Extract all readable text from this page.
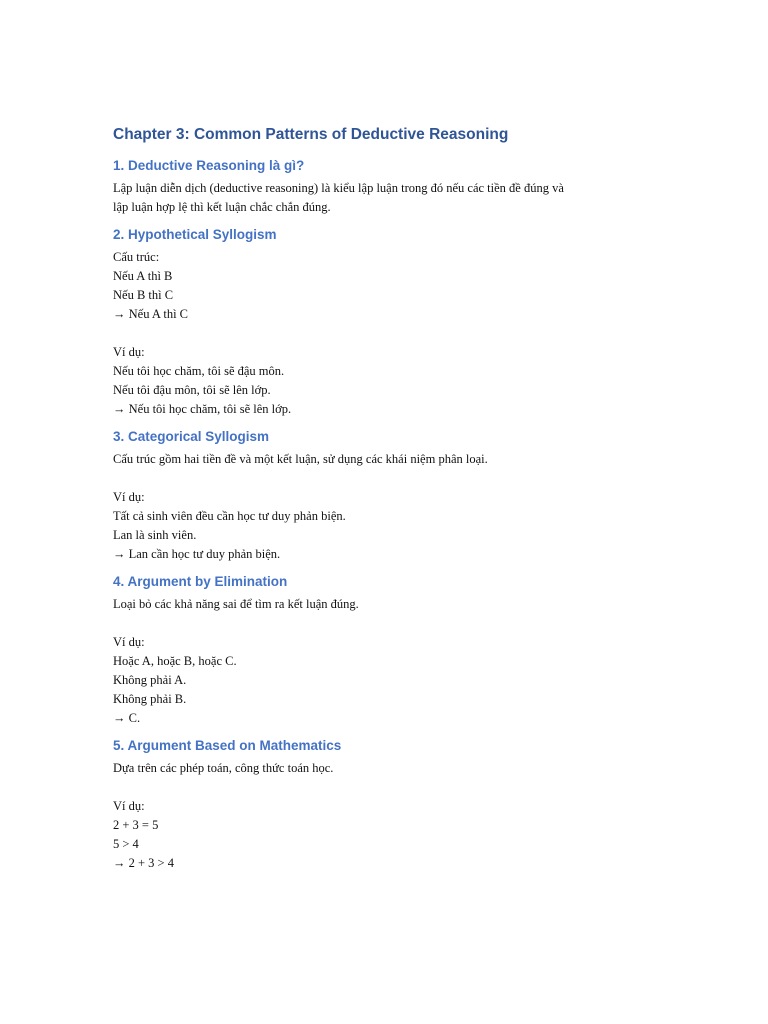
Chapter 3: Common Patterns of Deductive Reasoning
1. Deductive Reasoning là gì?
Lập luận diễn dịch (deductive reasoning) là kiểu lập luận trong đó nếu các tiền đề đúng và
lập luận hợp lệ thì kết luận chắc chắn đúng.
2. Hypothetical Syllogism
Cấu trúc:
Nếu A thì B
Nếu B thì C
→ Nếu A thì C
Ví dụ:
Nếu tôi học chăm, tôi sẽ đậu môn.
Nếu tôi đậu môn, tôi sẽ lên lớp.
→ Nếu tôi học chăm, tôi sẽ lên lớp.
3. Categorical Syllogism
Cấu trúc gồm hai tiền đề và một kết luận, sử dụng các khái niệm phân loại.
Ví dụ:
Tất cả sinh viên đều cần học tư duy phản biện.
Lan là sinh viên.
→ Lan cần học tư duy phản biện.
4. Argument by Elimination
Loại bỏ các khả năng sai để tìm ra kết luận đúng.
Ví dụ:
Hoặc A, hoặc B, hoặc C.
Không phải A.
Không phải B.
→ C.
5. Argument Based on Mathematics
Dựa trên các phép toán, công thức toán học.
Ví dụ:
2 + 3 = 5
5 > 4
→ 2 + 3 > 4
